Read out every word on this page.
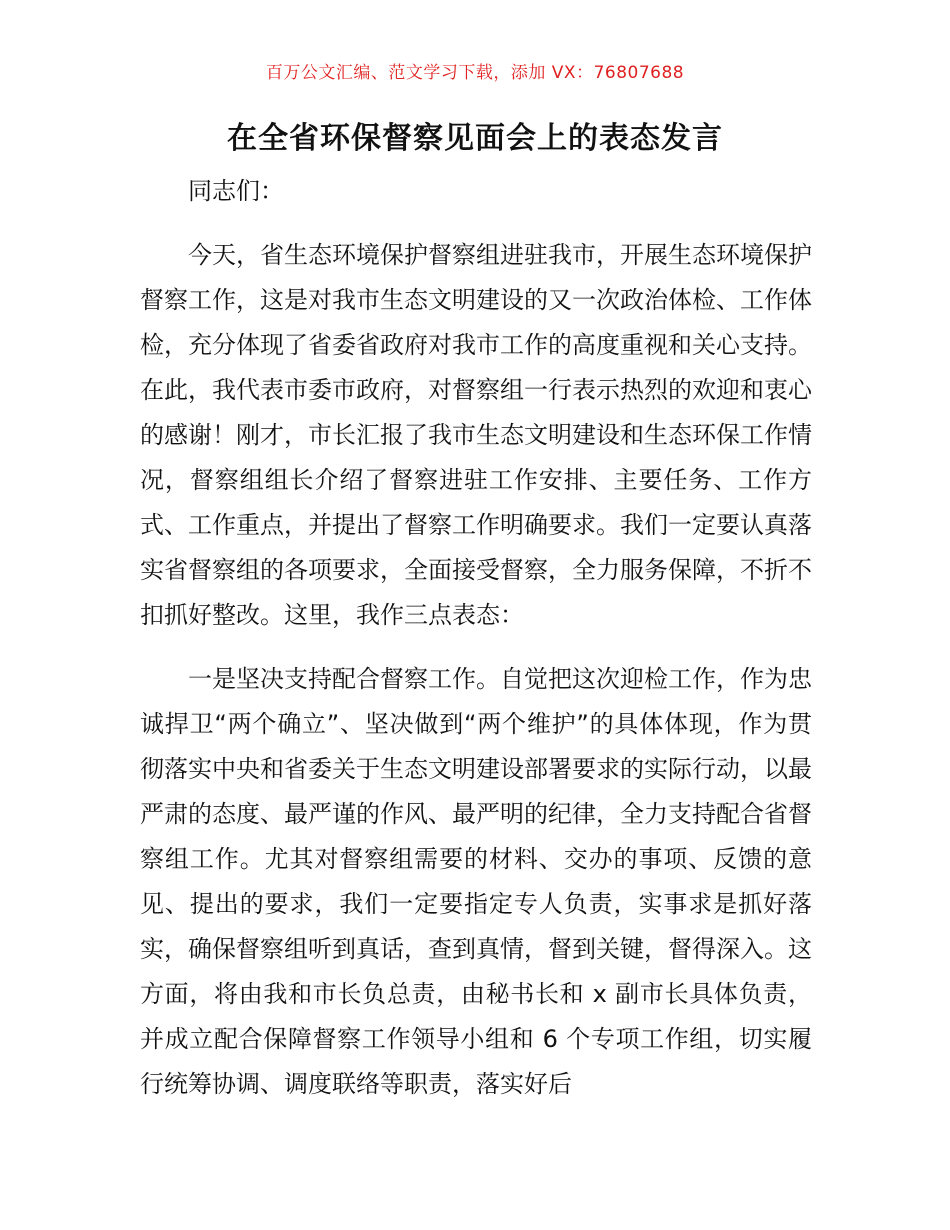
百万公文汇编、范文学习下载，添加 VX：76807688
在全省环保督察见面会上的表态发言

同志们：

今天，省生态环境保护督察组进驻我市，开展生态环境保护督察工作，这是对我市生态文明建设的又一次政治体检、工作体检，充分体现了省委省政府对我市工作的高度重视和关心支持。在此，我代表市委市政府，对督察组一行表示热烈的欢迎和衷心的感谢！刚才，市长汇报了我市生态文明建设和生态环保工作情况，督察组组长介绍了督察进驻工作安排、主要任务、工作方式、工作重点，并提出了督察工作明确要求。我们一定要认真落实省督察组的各项要求，全面接受督察，全力服务保障，不折不扣抓好整改。这里，我作三点表态：

一是坚决支持配合督察工作。自觉把这次迎检工作，作为忠诚捍卫“两个确立”、坚决做到“两个维护”的具体体现，作为贯彻落实中央和省委关于生态文明建设部署要求的实际行动，以最严肃的态度、最严谨的作风、最严明的纪律，全力支持配合省督察组工作。尤其对督察组需要的材料、交办的事项、反馈的意见、提出的要求，我们一定要指定专人负责，实事求是抓好落实，确保督察组听到真话，查到真情，督到关键，督得深入。这方面，将由我和市长负总责，由秘书长和 x 副市长具体负责，并成立配合保障督察工作领导小组和 6 个专项工作组，切实履行统筹协调、调度联络等职责，落实好后
